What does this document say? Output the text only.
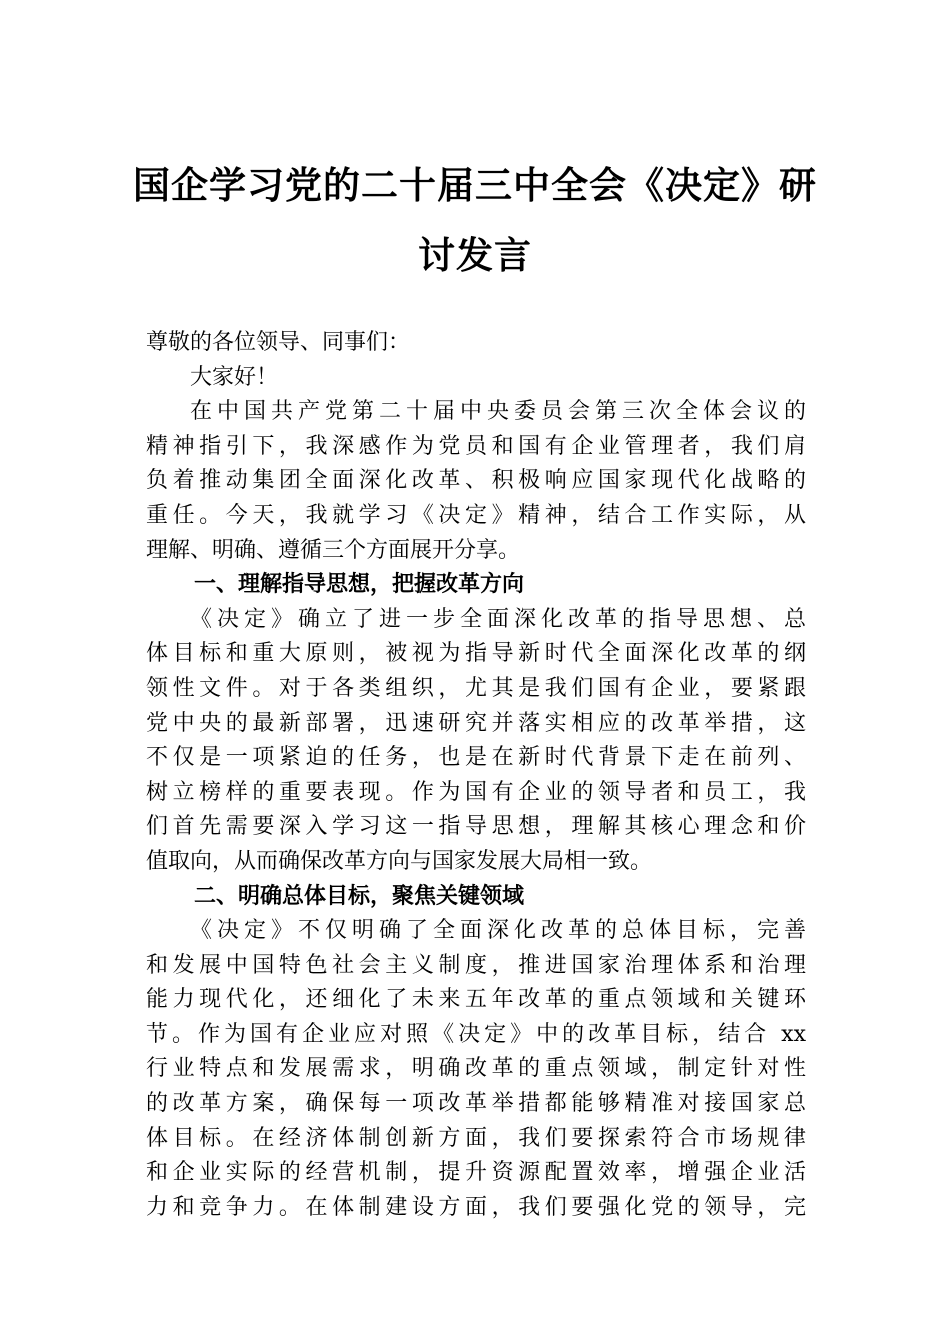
国企学习党的二十届三中全会《决定》研
讨发言
尊敬的各位领导、同事们：
大家好！
在中国共产党第二十届中央委员会第三次全体会议的
精神指引下，我深感作为党员和国有企业管理者，我们肩
负着推动集团全面深化改革、积极响应国家现代化战略的
重任。今天，我就学习《决定》精神，结合工作实际，从
理解、明确、遵循三个方面展开分享。
一、理解指导思想，把握改革方向
《决定》确立了进一步全面深化改革的指导思想、总
体目标和重大原则，被视为指导新时代全面深化改革的纲
领性文件。对于各类组织，尤其是我们国有企业，要紧跟
党中央的最新部署，迅速研究并落实相应的改革举措，这
不仅是一项紧迫的任务，也是在新时代背景下走在前列、
树立榜样的重要表现。作为国有企业的领导者和员工，我
们首先需要深入学习这一指导思想，理解其核心理念和价
值取向，从而确保改革方向与国家发展大局相一致。
二、明确总体目标，聚焦关键领域
《决定》不仅明确了全面深化改革的总体目标，完善
和发展中国特色社会主义制度，推进国家治理体系和治理
能力现代化，还细化了未来五年改革的重点领域和关键环
节。作为国有企业应对照《决定》中的改革目标，结合 xx
行业特点和发展需求，明确改革的重点领域，制定针对性
的改革方案，确保每一项改革举措都能够精准对接国家总
体目标。在经济体制创新方面，我们要探索符合市场规律
和企业实际的经营机制，提升资源配置效率，增强企业活
力和竞争力。在体制建设方面，我们要强化党的领导，完
